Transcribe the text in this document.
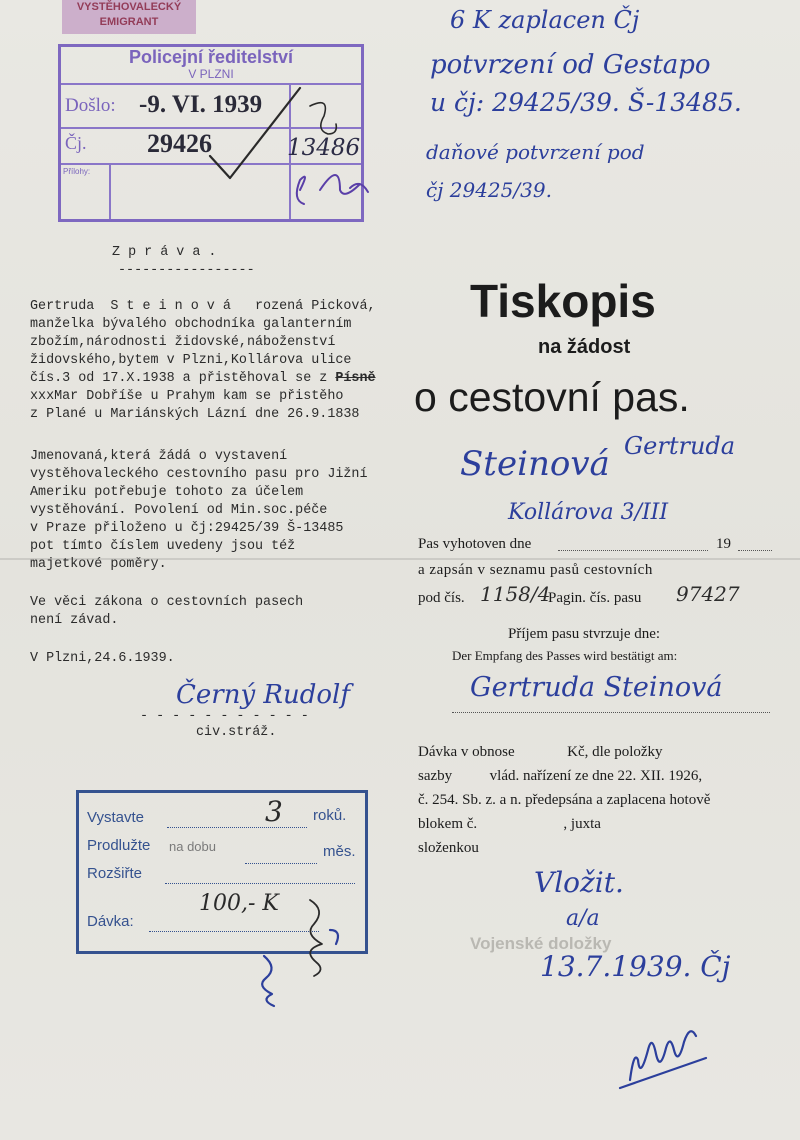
Vojenské doložky
VYSTĚHOVALECKÝ
EMIGRANT
Policejní ředitelství
V PLZNI
Došlo: -9. VI. 1939
Čj. 29426
Přílohy:
13486
6 K zaplacen Čj
potvrzení od Gestapo
u čj: 29425/39. Š-13485.
daňové potvrzení pod
čj 29425/39.
Z p r á v a .
-----------------
Gertruda  S t e i n o v á   rozená Picková,
manželka bývalého obchodníka galanterním
zbožím,národnosti židovské,náboženství
židovského,bytem v Plzni,Kollárova ulice
čís.3 od 17.X.1938 a přistěhoval se z Písně
xxxMar Dobříše u Prahym kam se přistěho
z Plané u Mariánských Lázní dne 26.9.1838
Jmenovaná,která žádá o vystavení
vystěhovaleckého cestovního pasu pro Jižní
Ameriku potřebuje tohoto za účelem
vystěhování. Povolení od Min.soc.péče
v Praze přiloženo u čj:29425/39 Š-13485
pot tímto číslem uvedeny jsou též
majetkové poměry.
Ve věci zákona o cestovních pasech
není závad.
V Plzni,24.6.1939.
- - - - - - - - - - -
Černý Rudolf
civ.stráž.
Tiskopis
na žádost
o cestovní pas.
Steinová Gertruda
Kollárova 3/III
Pas vyhotoven dne	19
a zapsán v seznamu pasů cestovních
pod čís. 1158/4
Pagin. čís. pasu 97427
Příjem pasu stvrzuje dne:
Der Empfang des Passes wird bestätigt am:
Gertruda Steinová
Dávka v obnose              Kč, dle položky
sazby          vlád. nařízení ze dne 22. XII. 1926,
č. 254. Sb. z. a n. předepsána a zaplacena hotově
blokem č.                       , juxta
složenkou
Vložit.
a/a
13.7.1939. Čj
Vystavte	3 roků.
Prodlužte na dobu	měs.
Rozšiřte
Dávka:
100,- K
